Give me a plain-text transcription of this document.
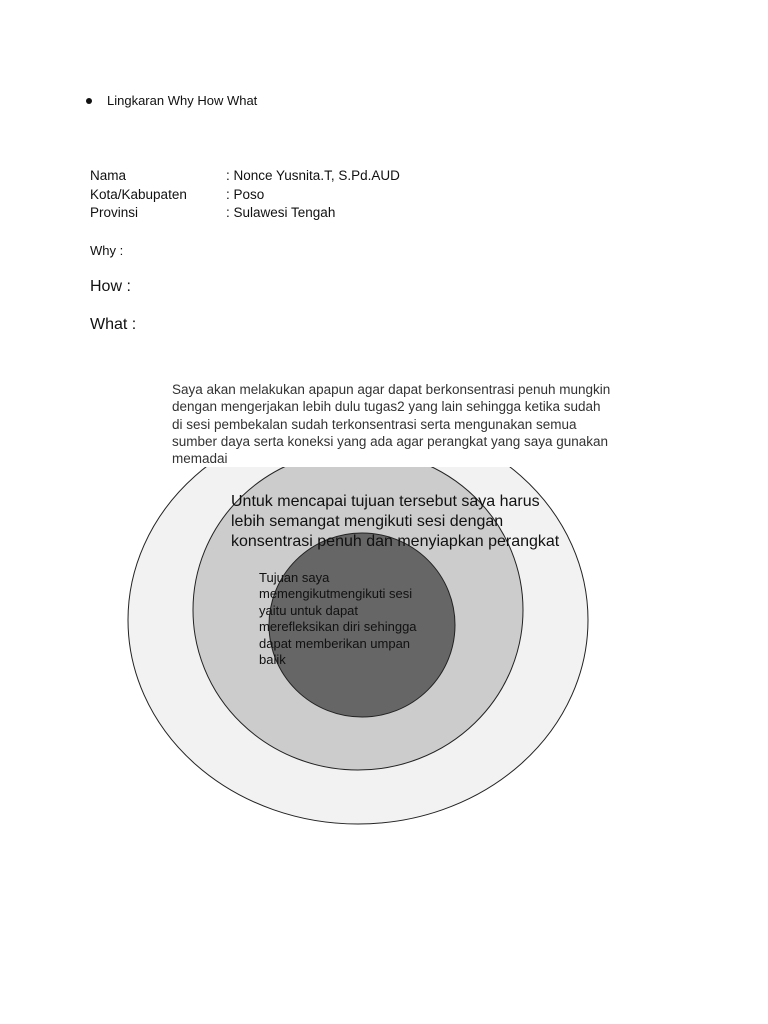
Lingkaran Why How What
Nama	: Nonce Yusnita.T, S.Pd.AUD
Kota/Kabupaten	: Poso
Provinsi	: Sulawesi Tengah
Why :
How :
What :

Saya akan melakukan apapun agar dapat berkonsentrasi penuh mungkin dengan mengerjakan lebih dulu tugas2 yang lain sehingga ketika sudah di sesi pembekalan sudah terkonsentrasi serta mengunakan semua sumber daya serta koneksi yang ada agar perangkat yang saya gunakan memadai

Untuk mencapai tujuan tersebut saya harus lebih semangat mengikuti sesi dengan konsentrasi penuh dan menyiapkan perangkat

Tujuan saya memengikutmengikuti sesi yaitu untuk dapat merefleksikan diri sehingga dapat memberikan umpan balik
